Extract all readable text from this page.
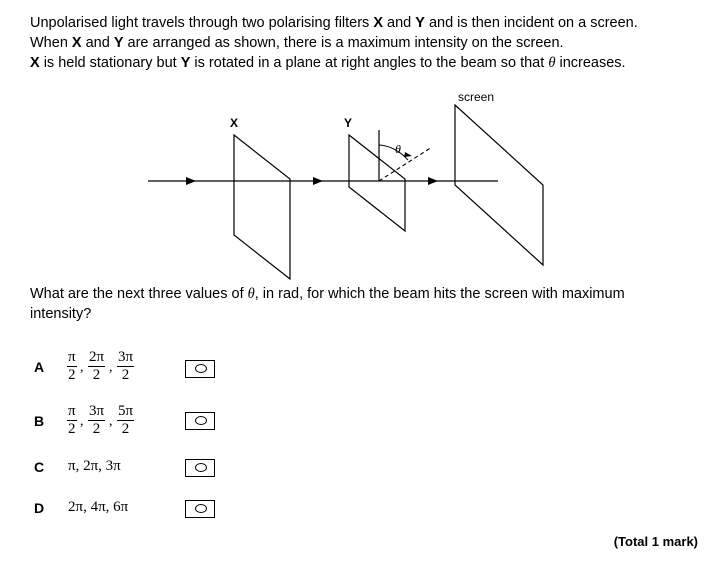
Unpolarised light travels through two polarising filters X and Y and is then incident on a screen.

When X and Y are arranged as shown, there is a maximum intensity on the screen.

X is held stationary but Y is rotated in a plane at right angles to the beam so that θ increases.

X	Y
screen
θ

What are the next three values of θ, in rad, for which the beam hits the screen with maximum intensity?

A $\frac{\pi}{2}$ , $\frac{2\pi}{2}$ , $\frac{3\pi}{2}$
B $\frac{\pi}{2}$ , $\frac{3\pi}{2}$ , $\frac{5\pi}{2}$
C π, 2π, 3π
D 2π, 4π, 6π
(Total 1 mark)
